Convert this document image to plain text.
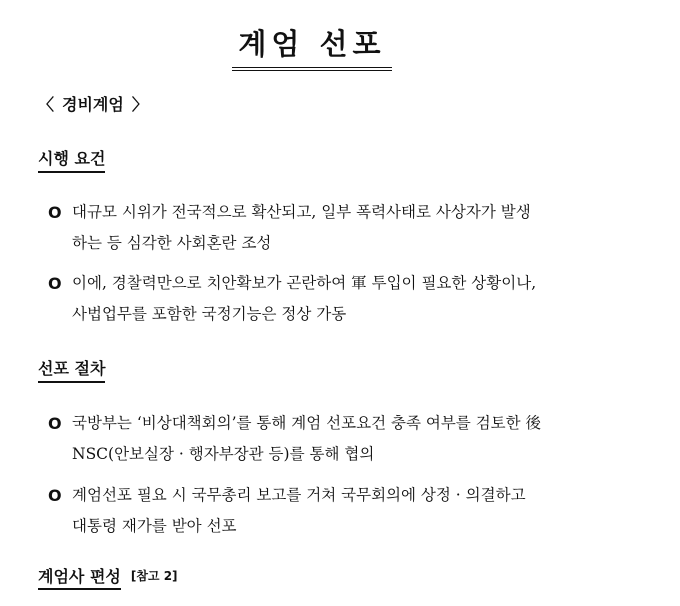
계엄 선포
〈 경비계엄 〉
시행 요건
O 대규모 시위가 전국적으로 확산되고, 일부 폭력사태로 사상자가 발생
하는 등 심각한 사회혼란 조성
O 이에, 경찰력만으로 치안확보가 곤란하여 軍 투입이 필요한 상황이나,
사법업무를 포함한 국정기능은 정상 가동
선포 절차
O 국방부는 ‘비상대책회의’를 통해 계엄 선포요건 충족 여부를 검토한 後
NSC(안보실장 · 행자부장관 등)를 통해 협의
O 계엄선포 필요 시 국무총리 보고를 거쳐 국무회의에 상정 · 의결하고
대통령 재가를 받아 선포
계엄사 편성 [참고 2]
